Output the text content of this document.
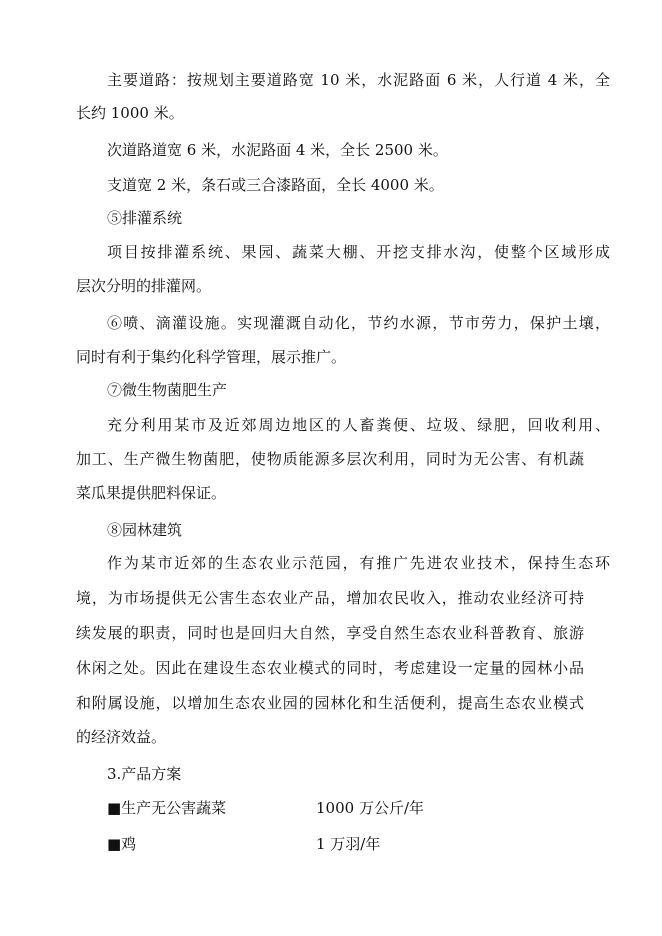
主要道路：按规划主要道路宽 10 米，水泥路面 6 米，人行道 4 米，全
长约 1000 米。
次道路道宽 6 米，水泥路面 4 米，全长 2500 米。
支道宽 2 米，条石或三合漆路面，全长 4000 米。
⑤排灌系统
项目按排灌系统、果园、蔬菜大棚、开挖支排水沟，使整个区域形成
层次分明的排灌网。
⑥喷、滴灌设施。实现灌溉自动化，节约水源，节市劳力，保护土壤，
同时有利于集约化科学管理，展示推广。
⑦微生物菌肥生产
充分利用某市及近郊周边地区的人畜粪便、垃圾、绿肥，回收利用、
加工、生产微生物菌肥，使物质能源多层次利用，同时为无公害、有机蔬
菜瓜果提供肥料保证。
⑧园林建筑
作为某市近郊的生态农业示范园，有推广先进农业技术，保持生态环
境，为市场提供无公害生态农业产品，增加农民收入，推动农业经济可持
续发展的职责，同时也是回归大自然，享受自然生态农业科普教育、旅游
休闲之处。因此在建设生态农业模式的同时，考虑建设一定量的园林小品
和附属设施，以增加生态农业园的园林化和生活便利，提高生态农业模式
的经济效益。
3.产品方案
■生产无公害蔬菜	1000 万公斤/年
■鸡	1 万羽/年
